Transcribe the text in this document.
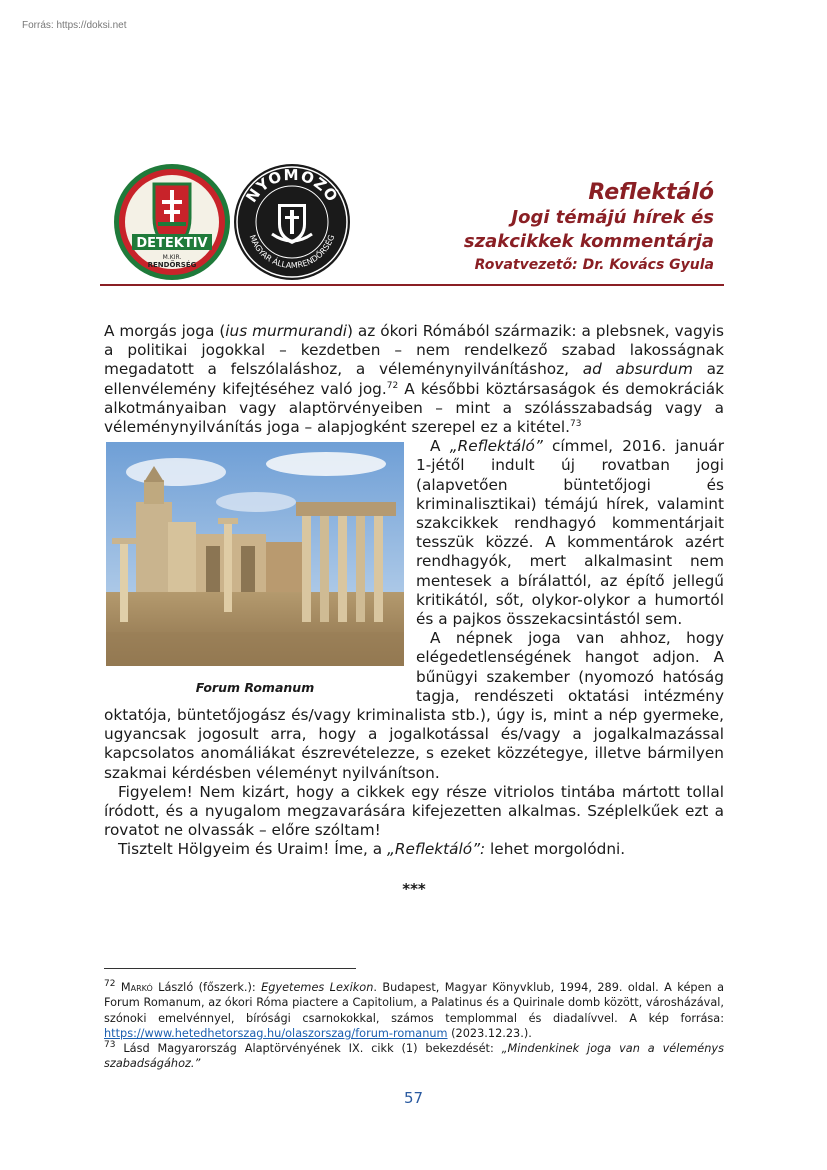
Forrás: https://doksi.net
DETEKTIV
M.KIR.
RENDŐRSÉG
NYOMOZÓ
MAGYAR ÁLLAMRENDŐRSÉG
Reflektáló
Jogi témájú hírek és
szakcikkek kommentárja
Rovatvezető: Dr. Kovács Gyula

A morgás joga (ius murmurandi) az ókori Rómából származik: a plebsnek, vagyis a politikai jogokkal – kezdetben – nem rendelkező szabad lakosságnak megadatott a felszólaláshoz, a véleménynyilvánításhoz, ad absurdum az ellenvélemény kifejtéséhez való jog.$^{72}$ A későbbi köztársaságok és demokráciák alkotmányaiban vagy alaptörvényeiben – mint a szólásszabadság vagy a véleménynyilvánítás joga – alapjogként szerepel ez a kitétel.$^{73}$

Forum Romanum

A „Reflektáló” címmel, 2016. január 1-jétől indult új rovatban jogi (alapvetően büntetőjogi és kriminalisztikai) témájú hírek, valamint szakcikkek rendhagyó kommentárjait tesszük közzé. A kommentárok azért rendhagyók, mert alkalmasint nem mentesek a bírálattól, az építő jellegű kritikától, sőt, olykor-olykor a humortól és a pajkos összekacsintástól sem.

A népnek joga van ahhoz, hogy elégedetlenségének hangot adjon. A bűnügyi szakember (nyomozó hatóság tagja, rendészeti oktatási intézmény oktatója, büntetőjogász és/vagy kriminalista stb.), úgy is, mint a nép gyermeke, ugyancsak jogosult arra, hogy a jogalkotással és/vagy a jogalkalmazással kapcsolatos anomáliákat észrevételezze, s ezeket közzétegye, illetve bármilyen szakmai kérdésben véleményt nyilvánítson.

Figyelem! Nem kizárt, hogy a cikkek egy része vitriolos tintába mártott tollal íródott, és a nyugalom megzavarására kifejezetten alkalmas. Széplelkűek ezt a rovatot ne olvassák – előre szóltam!

Tisztelt Hölgyeim és Uraim! Íme, a „Reflektáló”: lehet morgolódni.

***

$^{72}$ Markó László (főszerk.): Egyetemes Lexikon. Budapest, Magyar Könyvklub, 1994, 289. oldal. A képen a Forum Romanum, az ókori Róma piactere a Capitolium, a Palatinus és a Quirinale domb között, városházával, szónoki emelvénnyel, bírósági csarnokokkal, számos templommal és diadalívvel. A kép forrása: https://www.hetedhetorszag.hu/olaszorszag/forum-romanum (2023.12.23.).

$^{73}$ Lásd Magyarország Alaptörvényének IX. cikk (1) bekezdését: „Mindenkinek joga van a véleménys szabadságához.”

57
